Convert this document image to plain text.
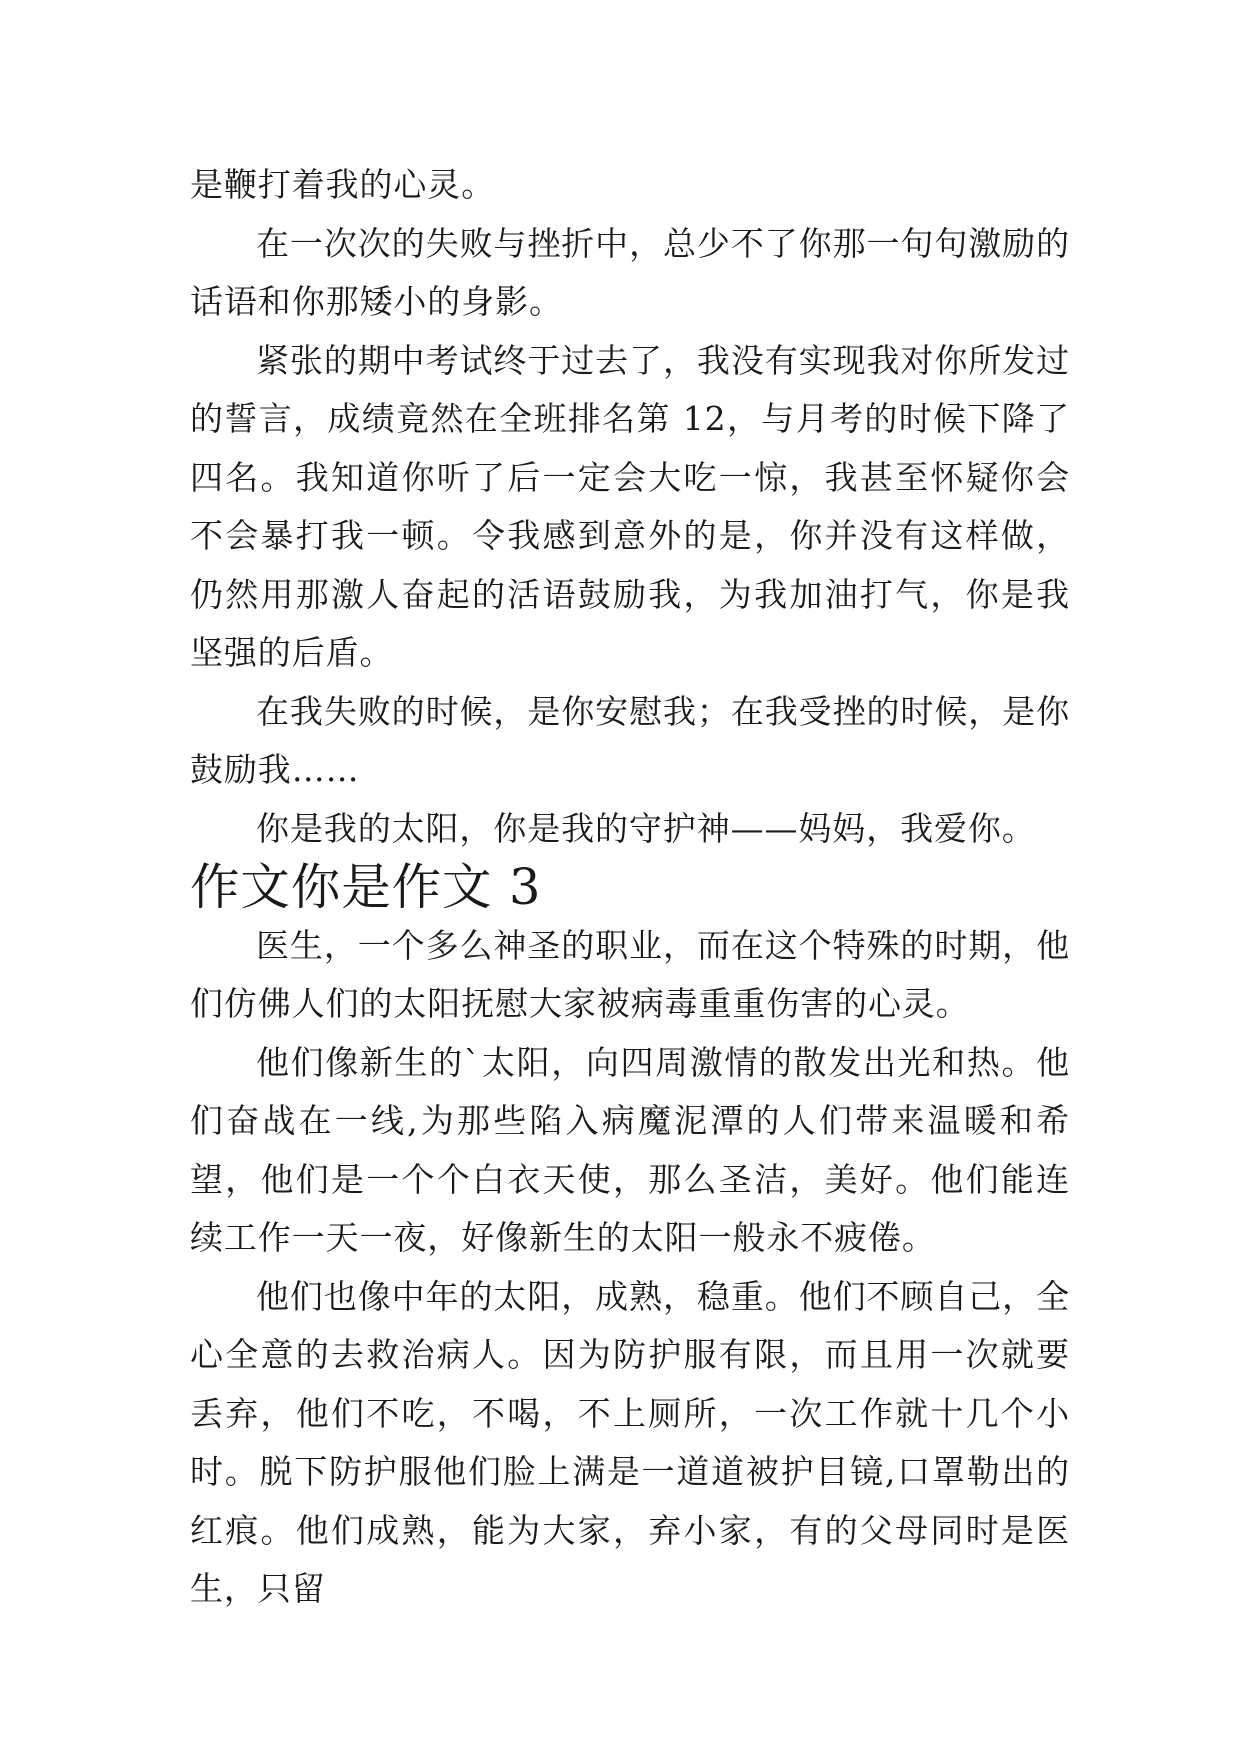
是鞭打着我的心灵。

在一次次的失败与挫折中，总少不了你那一句句激励的话语和你那矮小的身影。

紧张的期中考试终于过去了，我没有实现我对你所发过的誓言，成绩竟然在全班排名第 12，与月考的时候下降了四名。我知道你听了后一定会大吃一惊，我甚至怀疑你会不会暴打我一顿。令我感到意外的是，你并没有这样做，仍然用那激人奋起的活语鼓励我，为我加油打气，你是我坚强的后盾。

在我失败的时候，是你安慰我；在我受挫的时候，是你鼓励我……

你是我的太阳，你是我的守护神——妈妈，我爱你。

作文你是作文 3

医生，一个多么神圣的职业，而在这个特殊的时期，他们仿佛人们的太阳抚慰大家被病毒重重伤害的心灵。

他们像新生的`太阳，向四周激情的散发出光和热。他们奋战在一线,为那些陷入病魔泥潭的人们带来温暖和希望，他们是一个个白衣天使，那么圣洁，美好。他们能连续工作一天一夜，好像新生的太阳一般永不疲倦。

他们也像中年的太阳，成熟，稳重。他们不顾自己，全心全意的去救治病人。因为防护服有限，而且用一次就要丢弃，他们不吃，不喝，不上厕所，一次工作就十几个小时。脱下防护服他们脸上满是一道道被护目镜,口罩勒出的红痕。他们成熟，能为大家，弃小家，有的父母同时是医生，只留
